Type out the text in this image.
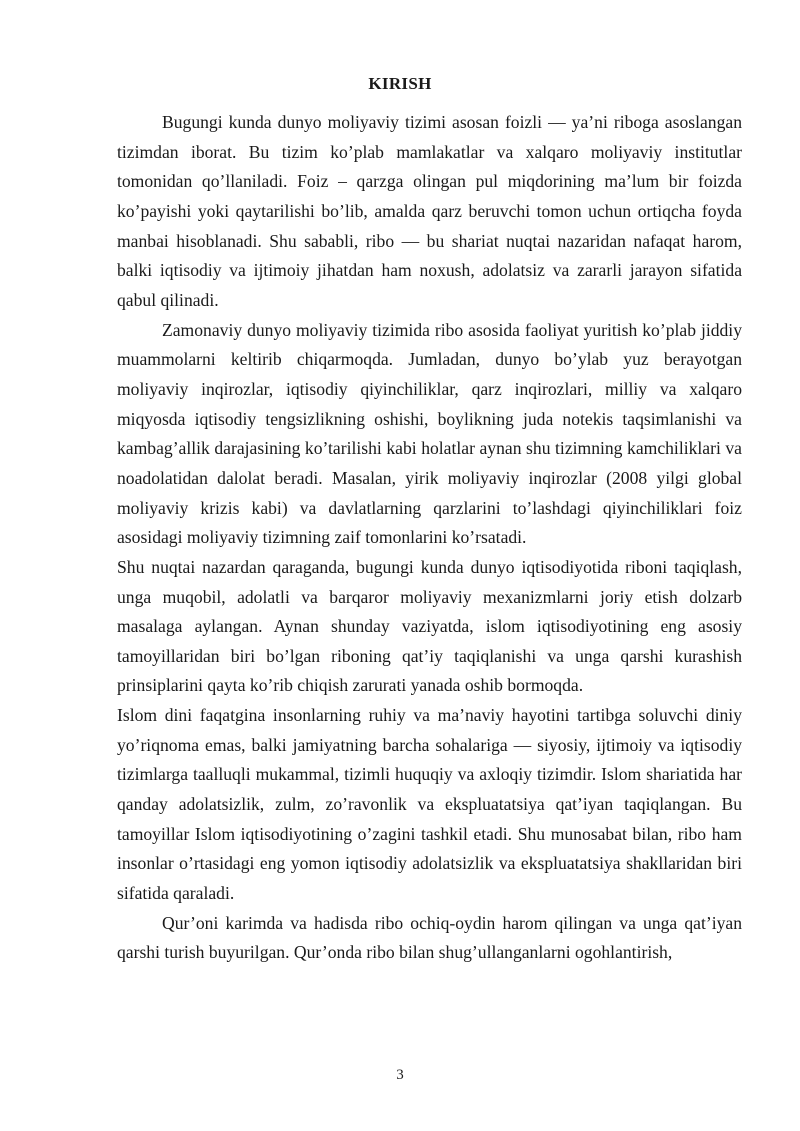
KIRISH

Bugungi kunda dunyo moliyaviy tizimi asosan foizli — ya’ni riboga asoslangan tizimdan iborat. Bu tizim ko’plab mamlakatlar va xalqaro moliyaviy institutlar tomonidan qo’llaniladi. Foiz – qarzga olingan pul miqdorining ma’lum bir foizda ko’payishi yoki qaytarilishi bo’lib, amalda qarz beruvchi tomon uchun ortiqcha foyda manbai hisoblanadi. Shu sababli, ribo — bu shariat nuqtai nazaridan nafaqat harom, balki iqtisodiy va ijtimoiy jihatdan ham noxush, adolatsiz va zararli jarayon sifatida qabul qilinadi.

Zamonaviy dunyo moliyaviy tizimida ribo asosida faoliyat yuritish ko’plab jiddiy muammolarni keltirib chiqarmoqda. Jumladan, dunyo bo’ylab yuz berayotgan moliyaviy inqirozlar, iqtisodiy qiyinchiliklar, qarz inqirozlari, milliy va xalqaro miqyosda iqtisodiy tengsizlikning oshishi, boylikning juda notekis taqsimlanishi va kambag’allik darajasining ko’tarilishi kabi holatlar aynan shu tizimning kamchiliklari va noadolatidan dalolat beradi. Masalan, yirik moliyaviy inqirozlar (2008 yilgi global moliyaviy krizis kabi) va davlatlarning qarzlarini to’lashdagi qiyinchiliklari foiz asosidagi moliyaviy tizimning zaif tomonlarini ko’rsatadi.

Shu nuqtai nazardan qaraganda, bugungi kunda dunyo iqtisodiyotida riboni taqiqlash, unga muqobil, adolatli va barqaror moliyaviy mexanizmlarni joriy etish dolzarb masalaga aylangan. Aynan shunday vaziyatda, islom iqtisodiyotining eng asosiy tamoyillaridan biri bo’lgan riboning qat’iy taqiqlanishi va unga qarshi kurashish prinsiplarini qayta ko’rib chiqish zarurati yanada oshib bormoqda.

Islom dini faqatgina insonlarning ruhiy va ma’naviy hayotini tartibga soluvchi diniy yo’riqnoma emas, balki jamiyatning barcha sohalariga — siyosiy, ijtimoiy va iqtisodiy tizimlarga taalluqli mukammal, tizimli huquqiy va axloqiy tizimdir. Islom shariatida har qanday adolatsizlik, zulm, zo’ravonlik va ekspluatatsiya qat’iyan taqiqlangan. Bu tamoyillar Islom iqtisodiyotining o’zagini tashkil etadi. Shu munosabat bilan, ribo ham insonlar o’rtasidagi eng yomon iqtisodiy adolatsizlik va ekspluatatsiya shakllaridan biri sifatida qaraladi.

Qur’oni karimda va hadisda ribo ochiq-oydin harom qilingan va unga qat’iyan qarshi turish buyurilgan. Qur’onda ribo bilan shug’ullanganlarni ogohlantirish,

3
